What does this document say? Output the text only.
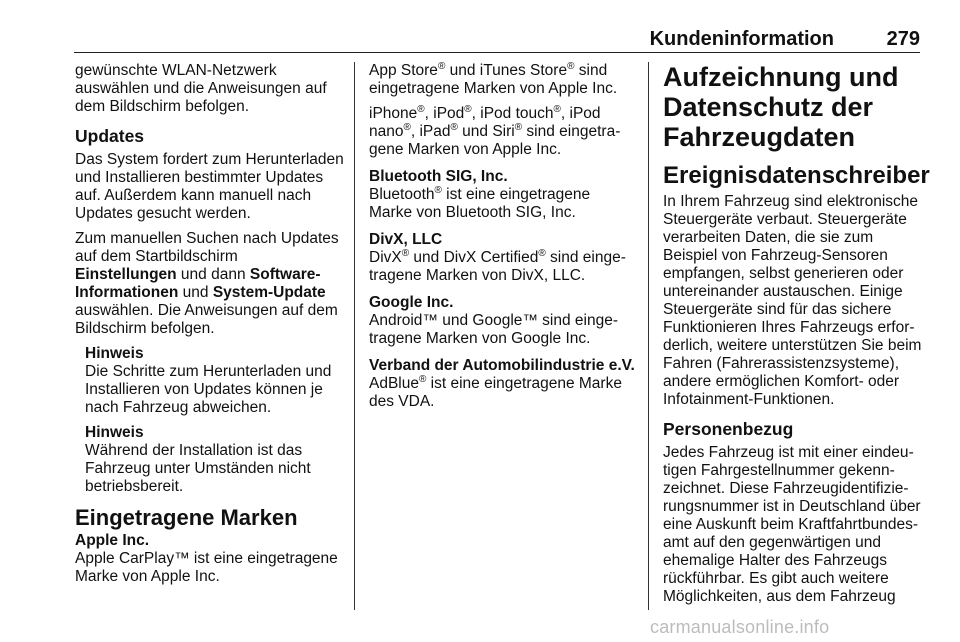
Kundeninformation	279

gewünschte WLAN-Netzwerk auswählen und die Anweisungen auf dem Bildschirm befolgen.

Updates

Das System fordert zum Herunterladen und Installieren bestimmter Updates auf. Außerdem kann manuell nach Updates gesucht werden.

Zum manuellen Suchen nach Updates auf dem Startbildschirm
Einstellungen und dann Software-Informationen und System-Update auswählen. Die Anweisungen auf dem Bildschirm befolgen.

Hinweis
Die Schritte zum Herunterladen und Installieren von Updates können je nach Fahrzeug abweichen.
Hinweis
Während der Installation ist das Fahrzeug unter Umständen nicht betriebsbereit.
Eingetragene Marken
Apple Inc.

Apple CarPlay™ ist eine eingetragene Marke von Apple Inc.

App Store® und iTunes Store® sind eingetragene Marken von Apple Inc.

iPhone®, iPod®, iPod touch®, iPod nano®, iPad® und Siri® sind eingetragene Marken von Apple Inc.

Bluetooth SIG, Inc.

Bluetooth® ist eine eingetragene Marke von Bluetooth SIG, Inc.

DivX, LLC

DivX® und DivX Certified® sind eingetragene Marken von DivX, LLC.

Google Inc.

Android™ und Google™ sind eingetragene Marken von Google Inc.

Verband der Automobilindustrie e.V.

AdBlue® ist eine eingetragene Marke des VDA.

Aufzeichnung und Datenschutz der Fahrzeugdaten
Ereignisdatenschreiber

In Ihrem Fahrzeug sind elektronische Steuergeräte verbaut. Steuergeräte verarbeiten Daten, die sie zum Beispiel von Fahrzeug-Sensoren empfangen, selbst generieren oder untereinander austauschen. Einige Steuergeräte sind für das sichere Funktionieren Ihres Fahrzeugs erforderlich, weitere unterstützen Sie beim Fahren (Fahrerassistenzsysteme), andere ermöglichen Komfort- oder Infotainment-Funktionen.

Personenbezug

Jedes Fahrzeug ist mit einer eindeutigen Fahrgestellnummer gekennzeichnet. Diese Fahrzeugidentifizierungsnummer ist in Deutschland über eine Auskunft beim Kraftfahrtbundesamt auf den gegenwärtigen und ehemalige Halter des Fahrzeugs rückführbar. Es gibt auch weitere Möglichkeiten, aus dem Fahrzeug

carmanualsonline.info
